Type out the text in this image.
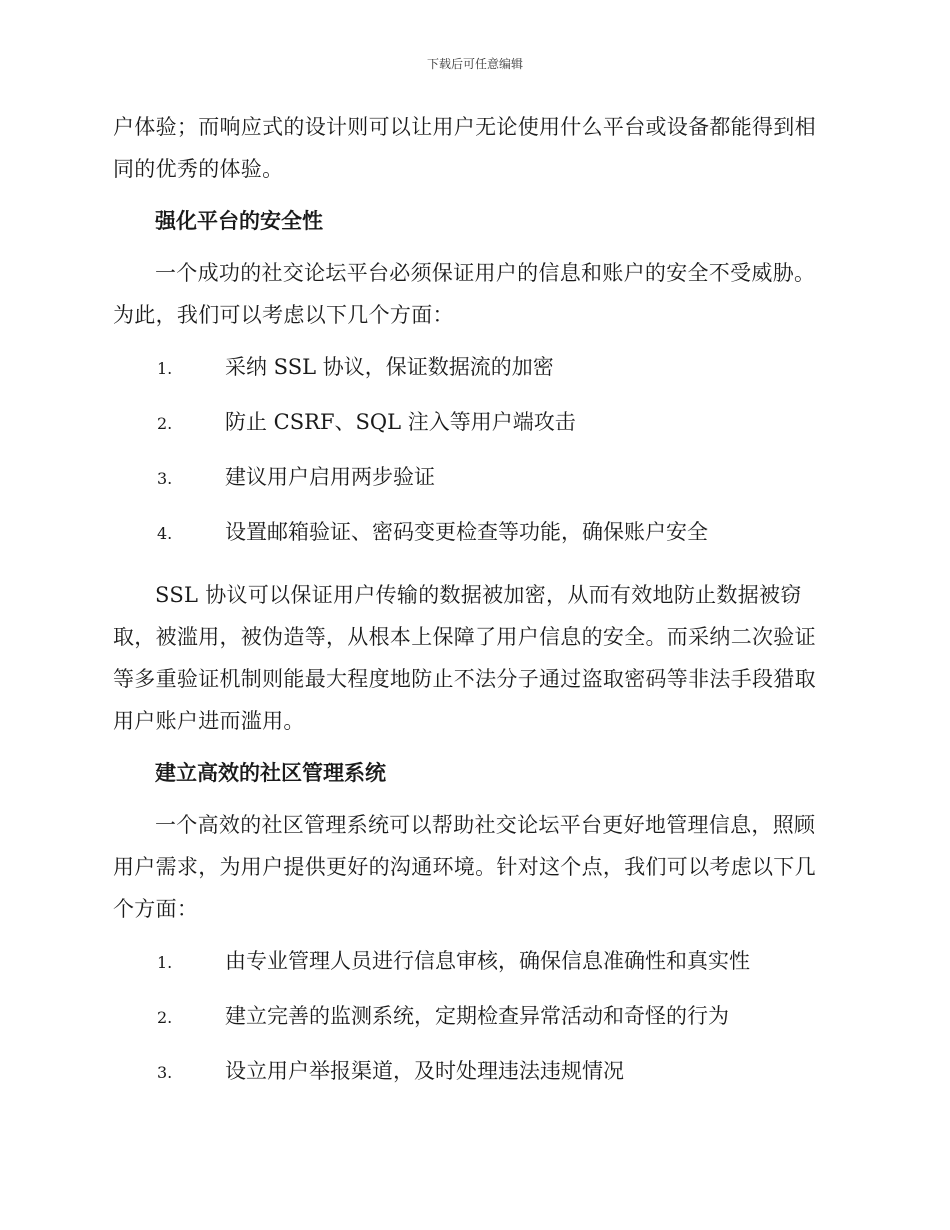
下载后可任意编辑

户体验；而响应式的设计则可以让用户无论使用什么平台或设备都能得到相同的优秀的体验。

强化平台的安全性

一个成功的社交论坛平台必须保证用户的信息和账户的安全不受威胁。为此，我们可以考虑以下几个方面：

1.	采纳 SSL 协议，保证数据流的加密
2.	防止 CSRF、SQL 注入等用户端攻击
3.	建议用户启用两步验证
4.	设置邮箱验证、密码变更检查等功能，确保账户安全

SSL 协议可以保证用户传输的数据被加密，从而有效地防止数据被窃取，被滥用，被伪造等，从根本上保障了用户信息的安全。而采纳二次验证等多重验证机制则能最大程度地防止不法分子通过盗取密码等非法手段猎取用户账户进而滥用。

建立高效的社区管理系统

一个高效的社区管理系统可以帮助社交论坛平台更好地管理信息，照顾用户需求，为用户提供更好的沟通环境。针对这个点，我们可以考虑以下几个方面：

1.	由专业管理人员进行信息审核，确保信息准确性和真实性
2.	建立完善的监测系统，定期检查异常活动和奇怪的行为
3.	设立用户举报渠道，及时处理违法违规情况
